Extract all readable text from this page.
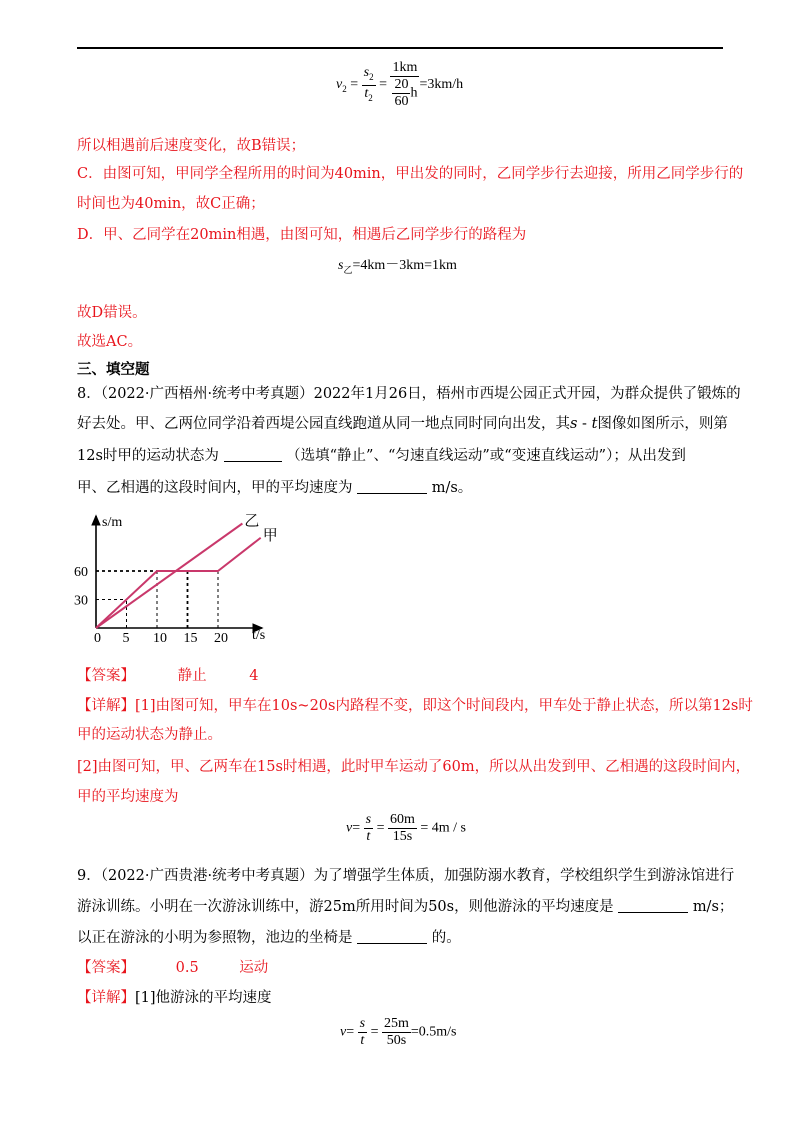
$v_2 = \frac{s_2}{t_2} = \frac{1km}{\frac{20}{60} h} =3km/h$
所以相遇前后速度变化，故B错误；
C．由图可知，甲同学全程所用的时间为40min，甲出发的同时，乙同学步行去迎接，所用乙同学步行的
时间也为40min，故C正确；
D．甲、乙同学在20min相遇，由图可知，相遇后乙同学步行的路程为
$s_乙=4km-3km=1km$
故D错误。
故选AC。
三、填空题
8．（2022·广西梧州·统考中考真题）2022年1月26日，梧州市西堤公园正式开园，为群众提供了锻炼的
好去处。甲、乙两位同学沿着西堤公园直线跑道从同一地点同时同向出发，其s - t图像如图所示，则第
12s时甲的运动状态为	（选填“静止”、“匀速直线运动”或“变速直线运动”）；从出发到
甲、乙相遇的这段时间内，甲的平均速度为	m/s。
甲
乙
0 5 10 15 20
30
60
s/m
t/s
【答案】	静止	4
【详解】[1]由图可知，甲车在10s~20s内路程不变，即这个时间段内，甲车处于静止状态，所以第12s时
甲的运动状态为静止。
[2]由图可知，甲、乙两车在15s时相遇，此时甲车运动了60m，所以从出发到甲、乙相遇的这段时间内，
甲的平均速度为
$v= \frac{s}{t} = \frac{60m}{15s} = 4m / s$
9．（2022·广西贵港·统考中考真题）为了增强学生体质，加强防溺水教育，学校组织学生到游泳馆进行
游泳训练。小明在一次游泳训练中，游25m所用时间为50s，则他游泳的平均速度是	m/s；
以正在游泳的小明为参照物，池边的坐椅是	的。
【答案】	0.5	运动
【详解】[1]他游泳的平均速度
$v= \frac{s}{t} = \frac{25m}{50s} =0.5m/s$
